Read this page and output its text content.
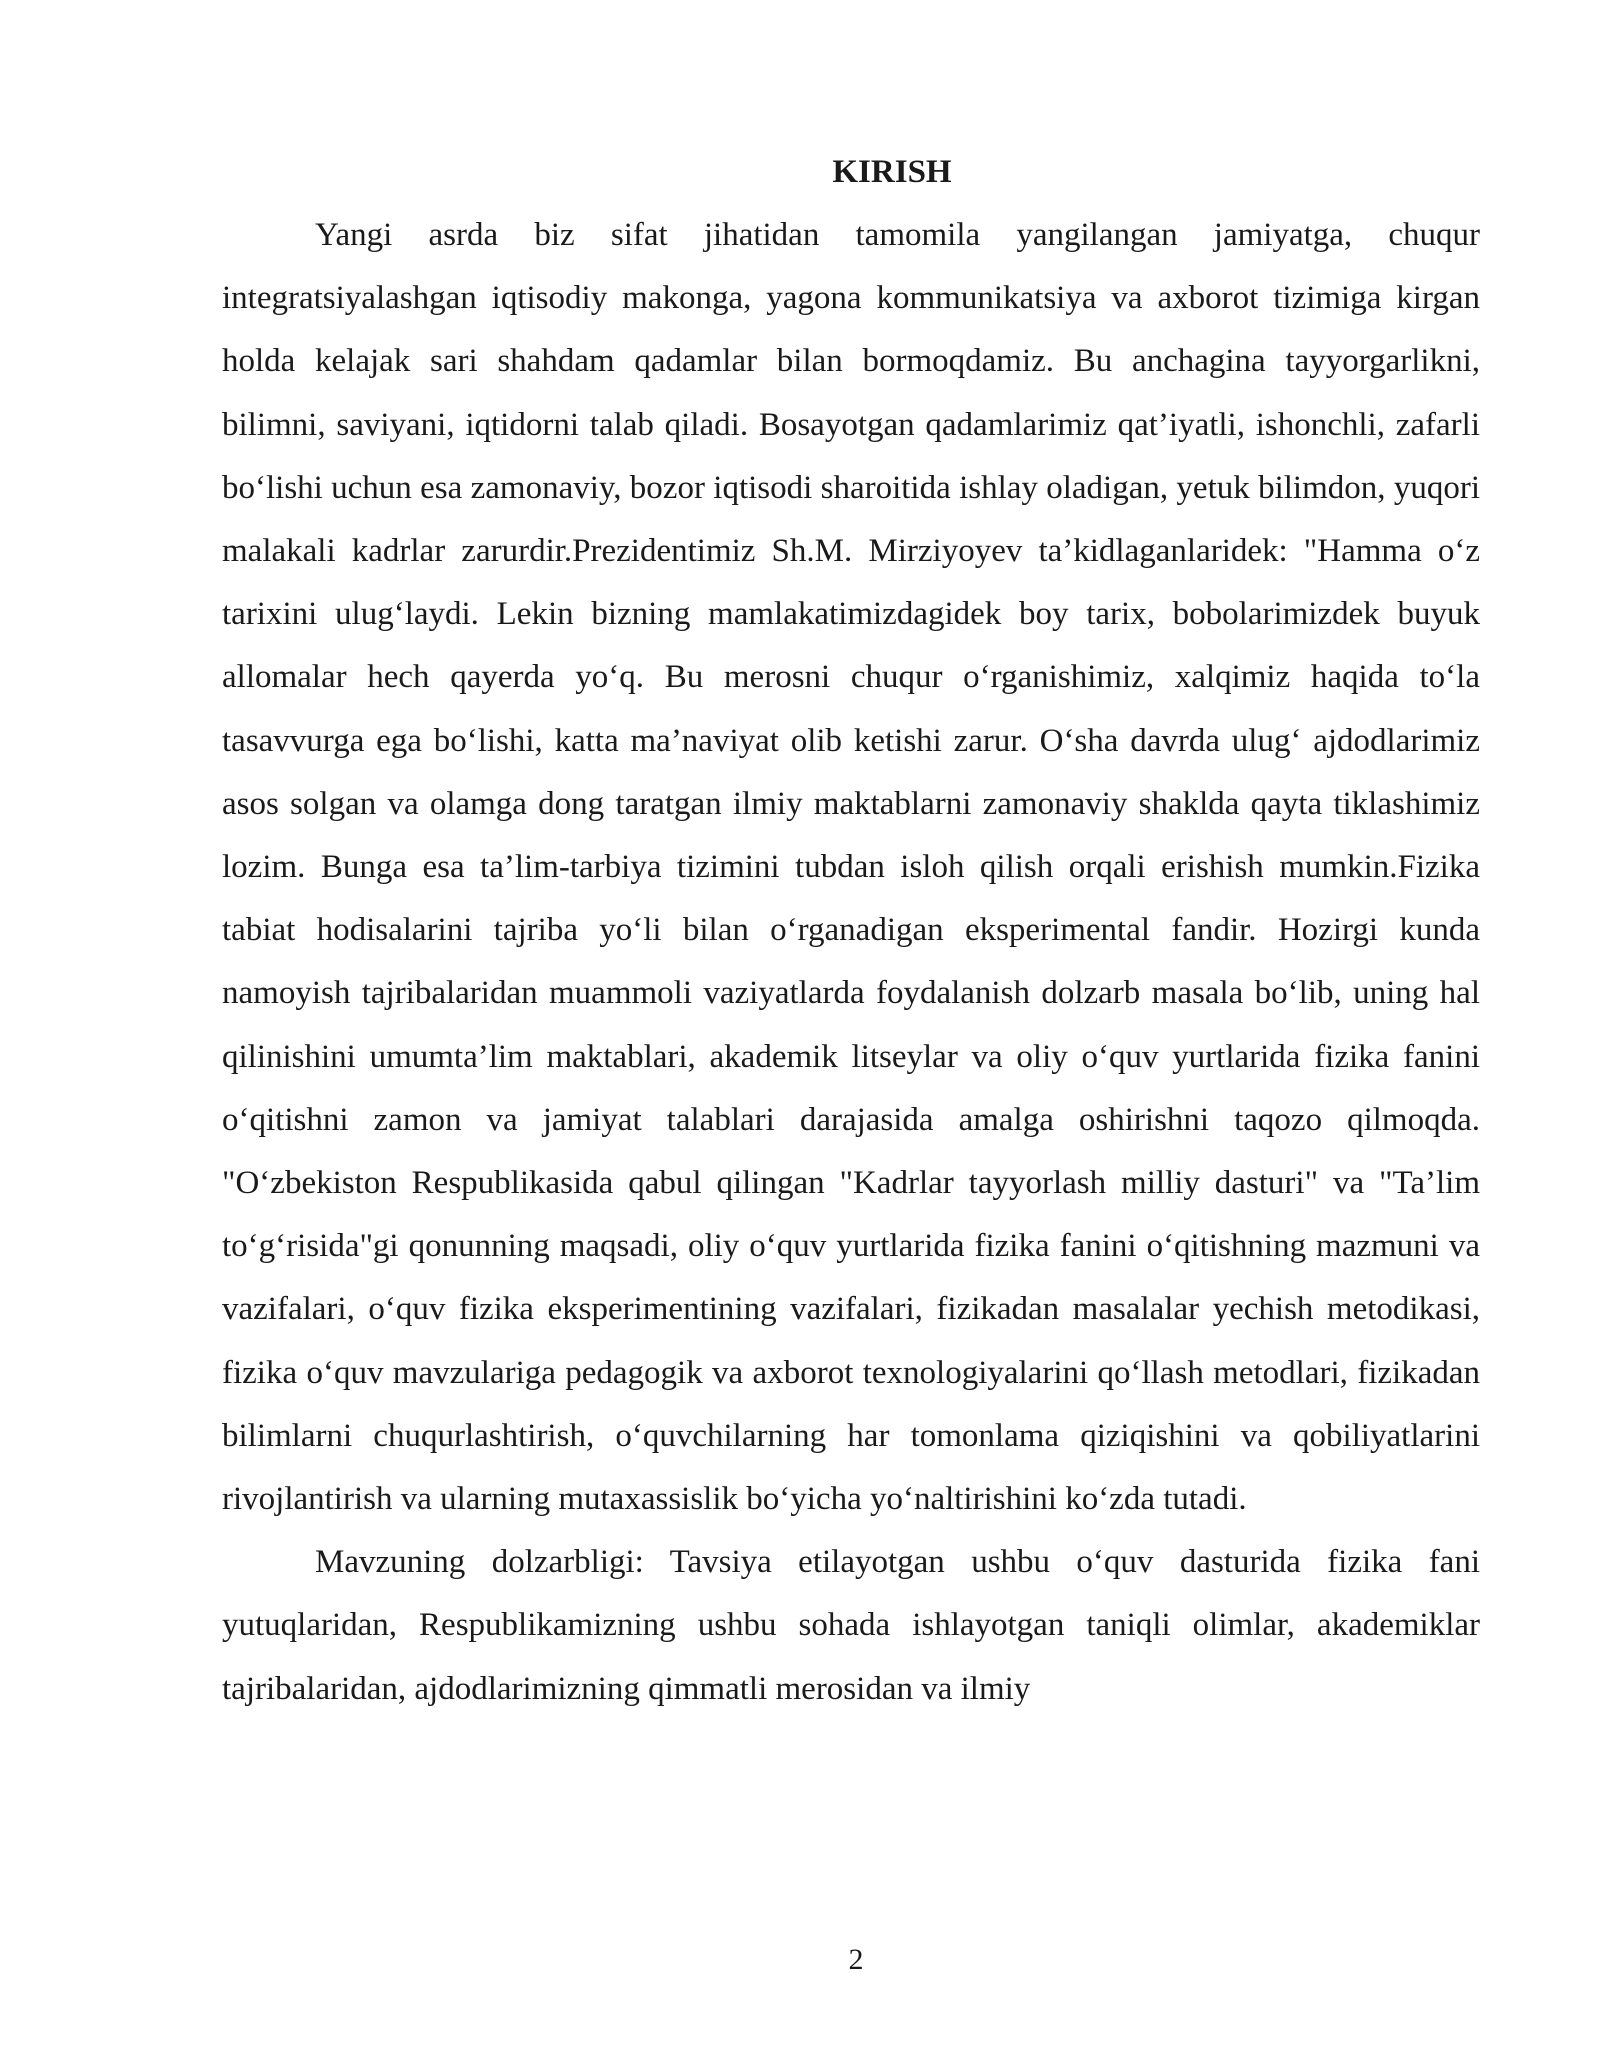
KIRISH

Yangi asrda biz sifat jihatidan tamomila yangilangan jamiyatga, chuqur integratsiyalashgan iqtisodiy makonga, yagona kommunikatsiya va axborot tizimiga kirgan holda kelajak sari shahdam qadamlar bilan bormoqdamiz. Bu anchagina tayyorgarlikni, bilimni, saviyani, iqtidorni talab qiladi. Bosayotgan qadamlarimiz qat’iyatli, ishonchli, zafarli bo‘lishi uchun esa zamonaviy, bozor iqtisodi sharoitida ishlay oladigan, yetuk bilimdon, yuqori malakali kadrlar zarurdir.Prezidentimiz Sh.M. Mirziyoyev ta’kidlaganlaridek: "Hamma o‘z tarixini ulug‘laydi. Lekin bizning mamlakatimizdagidek boy tarix, bobolarimizdek buyuk allomalar hech qayerda yo‘q. Bu merosni chuqur o‘rganishimiz, xalqimiz haqida to‘la tasavvurga ega bo‘lishi, katta ma’naviyat olib ketishi zarur. O‘sha davrda ulug‘ ajdodlarimiz asos solgan va olamga dong taratgan ilmiy maktablarni zamonaviy shaklda qayta tiklashimiz lozim. Bunga esa ta’lim-tarbiya tizimini tubdan isloh qilish orqali erishish mumkin.Fizika tabiat hodisalarini tajriba yo‘li bilan o‘rganadigan eksperimental fandir. Hozirgi kunda namoyish tajribalaridan muammoli vaziyatlarda foydalanish dolzarb masala bo‘lib, uning hal qilinishini umumta’lim maktablari, akademik litseylar va oliy o‘quv yurtlarida fizika fanini o‘qitishni zamon va jamiyat talablari darajasida amalga oshirishni taqozo qilmoqda. "O‘zbekiston Respublikasida qabul qilingan "Kadrlar tayyorlash milliy dasturi" va "Ta’lim to‘g‘risida"gi qonunning maqsadi, oliy o‘quv yurtlarida fizika fanini o‘qitishning mazmuni va vazifalari, o‘quv fizika eksperimentining vazifalari, fizikadan masalalar yechish metodikasi, fizika o‘quv mavzulariga pedagogik va axborot texnologiyalarini qo‘llash metodlari, fizikadan bilimlarni chuqurlashtirish, o‘quvchilarning har tomonlama qiziqishini va qobiliyatlarini rivojlantirish va ularning mutaxassislik bo‘yicha yo‘naltirishini ko‘zda tutadi.

Mavzuning dolzarbligi: Tavsiya etilayotgan ushbu o‘quv dasturida fizika fani yutuqlaridan, Respublikamizning ushbu sohada ishlayotgan taniqli olimlar, akademiklar tajribalaridan, ajdodlarimizning qimmatli merosidan va ilmiy

2
